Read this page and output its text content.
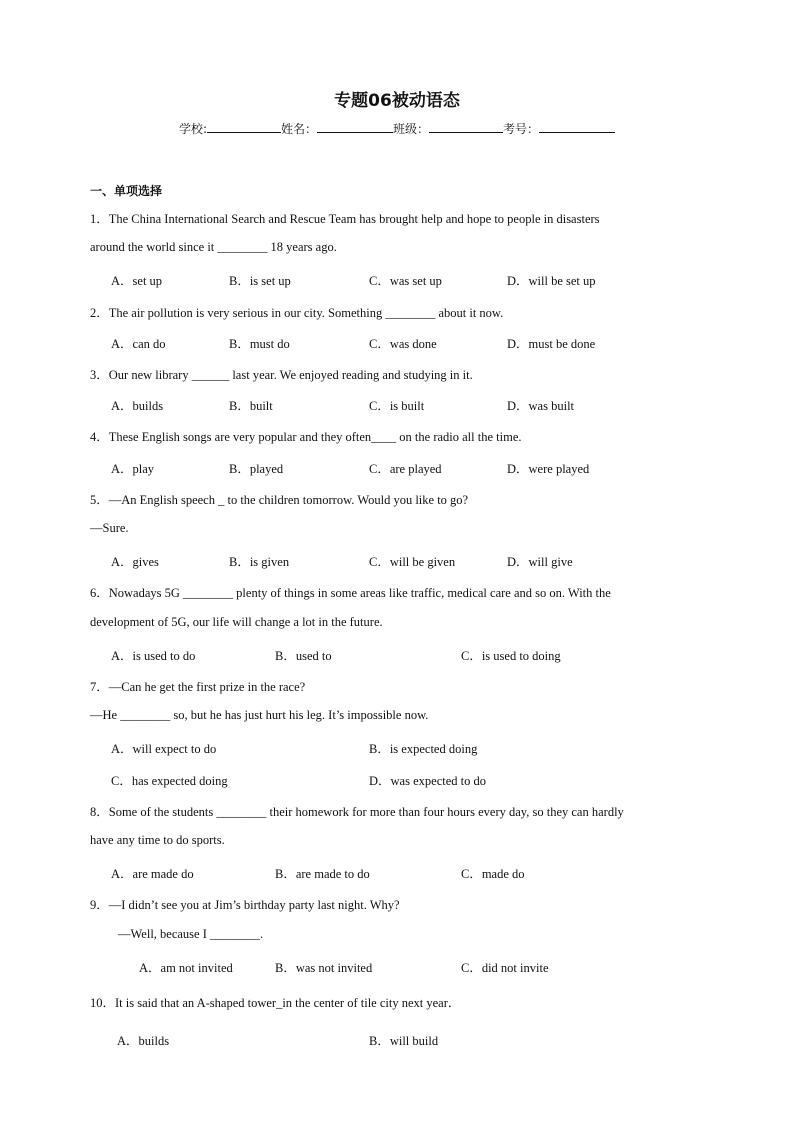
专题06被动语态
学校:	姓名：	班级：	考号：
一、单项选择
1．The China International Search and Rescue Team has brought help and hope to people in disasters
around the world since it ________ 18 years ago.
A．set up	B．is set up	C．was set up	D．will be set up
2．The air pollution is very serious in our city. Something ________ about it now.
A．can do	B．must do	C．was done	D．must be done
3．Our new library ______ last year. We enjoyed reading and studying in it.
A．builds	B．built	C．is built	D．was built
4．These English songs are very popular and they often____ on the radio all the time.
A．play	B．played	C．are played	D．were played
5．—An English speech _ to the children tomorrow. Would you like to go?
—Sure.
A．gives	B．is given	C．will be given	D．will give
6．Nowadays 5G ________ plenty of things in some areas like traffic, medical care and so on. With the
development of 5G, our life will change a lot in the future.
A．is used to do	B．used to	C．is used to doing
7．—Can he get the first prize in the race?
—He ________ so, but he has just hurt his leg. It’s impossible now.
A．will expect to do	B．is expected doing
C．has expected doing	D．was expected to do
8．Some of the students ________ their homework for more than four hours every day, so they can hardly
have any time to do sports.
A．are made do	B．are made to do	C．made do
9．—I didn’t see you at Jim’s birthday party last night. Why?
—Well, because I ________.
A．am not invited	B．was not invited	C．did not invite
10．It is said that an A-shaped tower_in the center of tile city next year．
A．builds	B．will build
